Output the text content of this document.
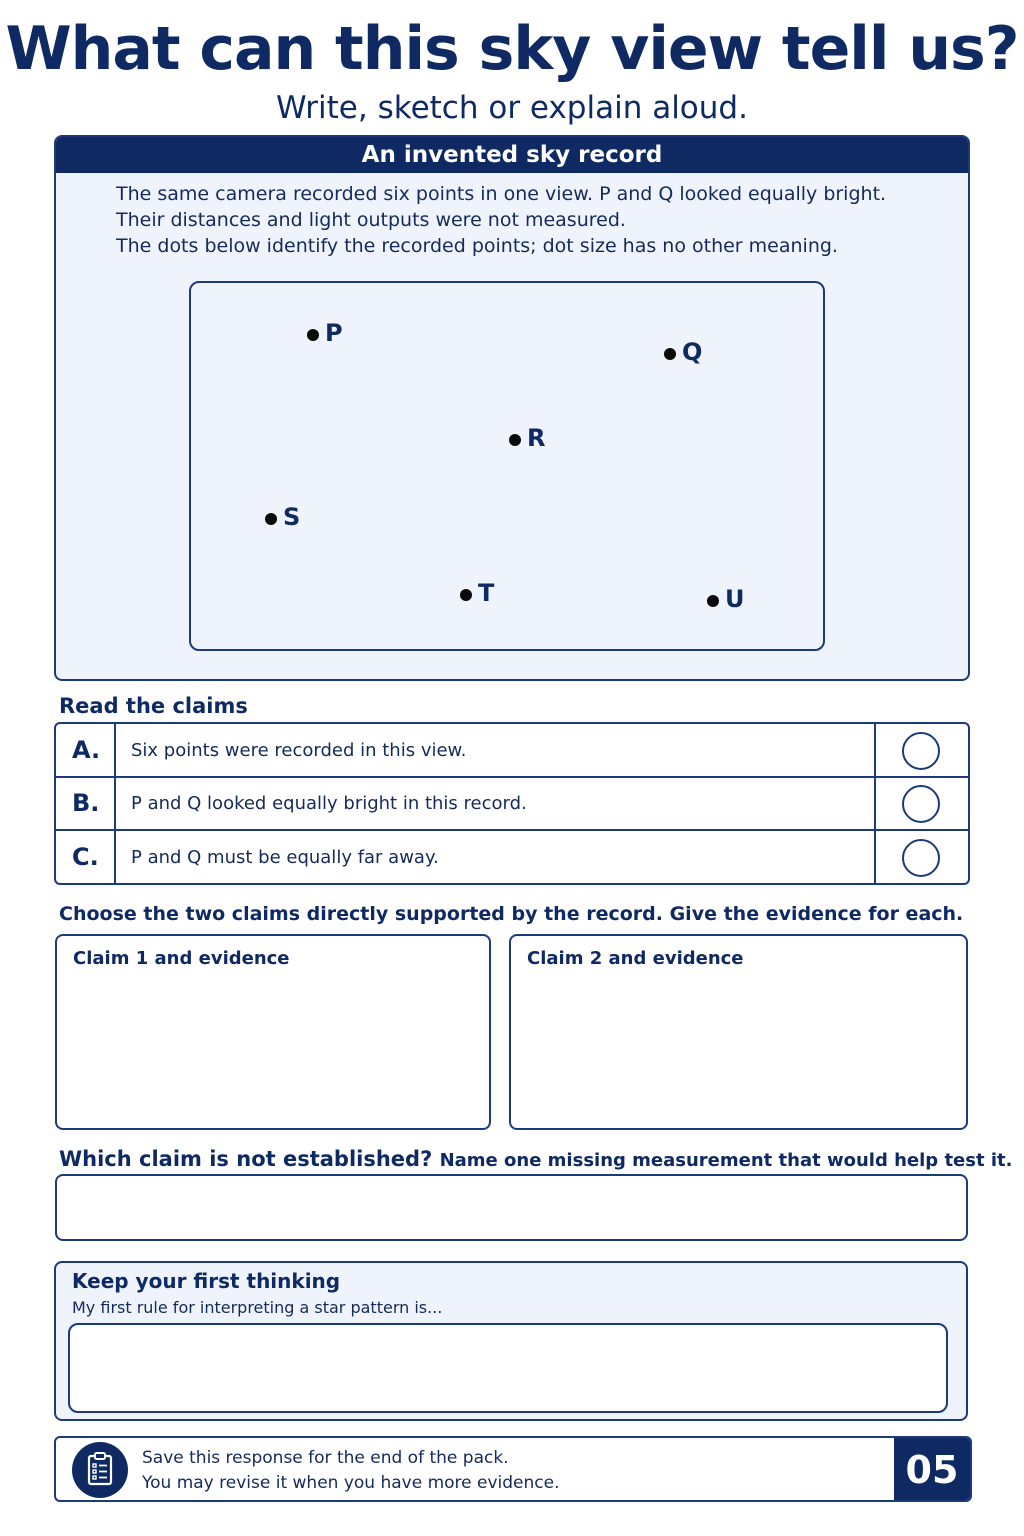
What can this sky view tell us?
Write, sketch or explain aloud.
An invented sky record
The same camera recorded six points in one view. P and Q looked equally bright.
Their distances and light outputs were not measured.
The dots below identify the recorded points; dot size has no other meaning.
P
Q
R
S
T	U
Read the claims
A. Six points were recorded in this view.
B. P and Q looked equally bright in this record.
C. P and Q must be equally far away.
Choose the two claims directly supported by the record. Give the evidence for each.
Claim 1 and evidence	Claim 2 and evidence
Which claim is not established? Name one missing measurement that would help test it.
Keep your first thinking
My first rule for interpreting a star pattern is...
Save this response for the end of the pack.
You may revise it when you have more evidence.	05
